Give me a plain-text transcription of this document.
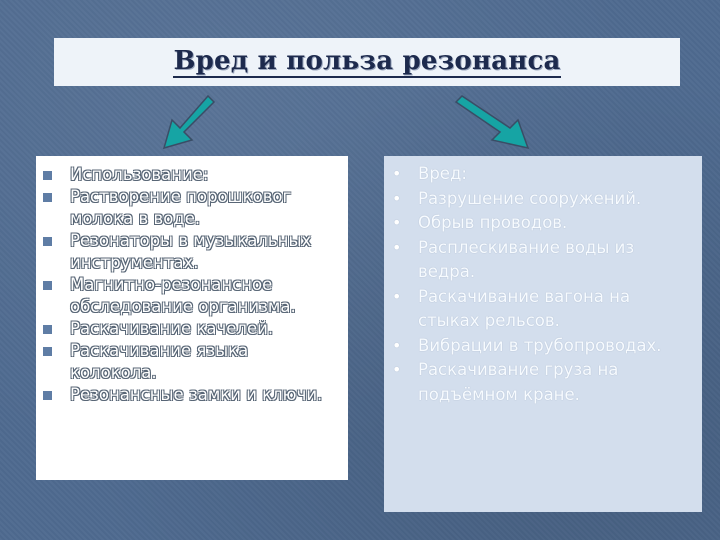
Вред и польза резонанса
Использование:
Растворение порошковог молока в воде.
Резонаторы в музыкальных инструментах.
Магнитно-резонансное обследование организма.
Раскачивание качелей.
Раскачивание языка колокола.
Резонансные замки и ключи.
• Вред:
• Разрушение сооружений.
• Обрыв проводов.
• Расплескивание воды из ведра.
• Раскачивание вагона на стыках рельсов.
• Вибрации в трубопроводах.
• Раскачивание груза на подъёмном кране.
